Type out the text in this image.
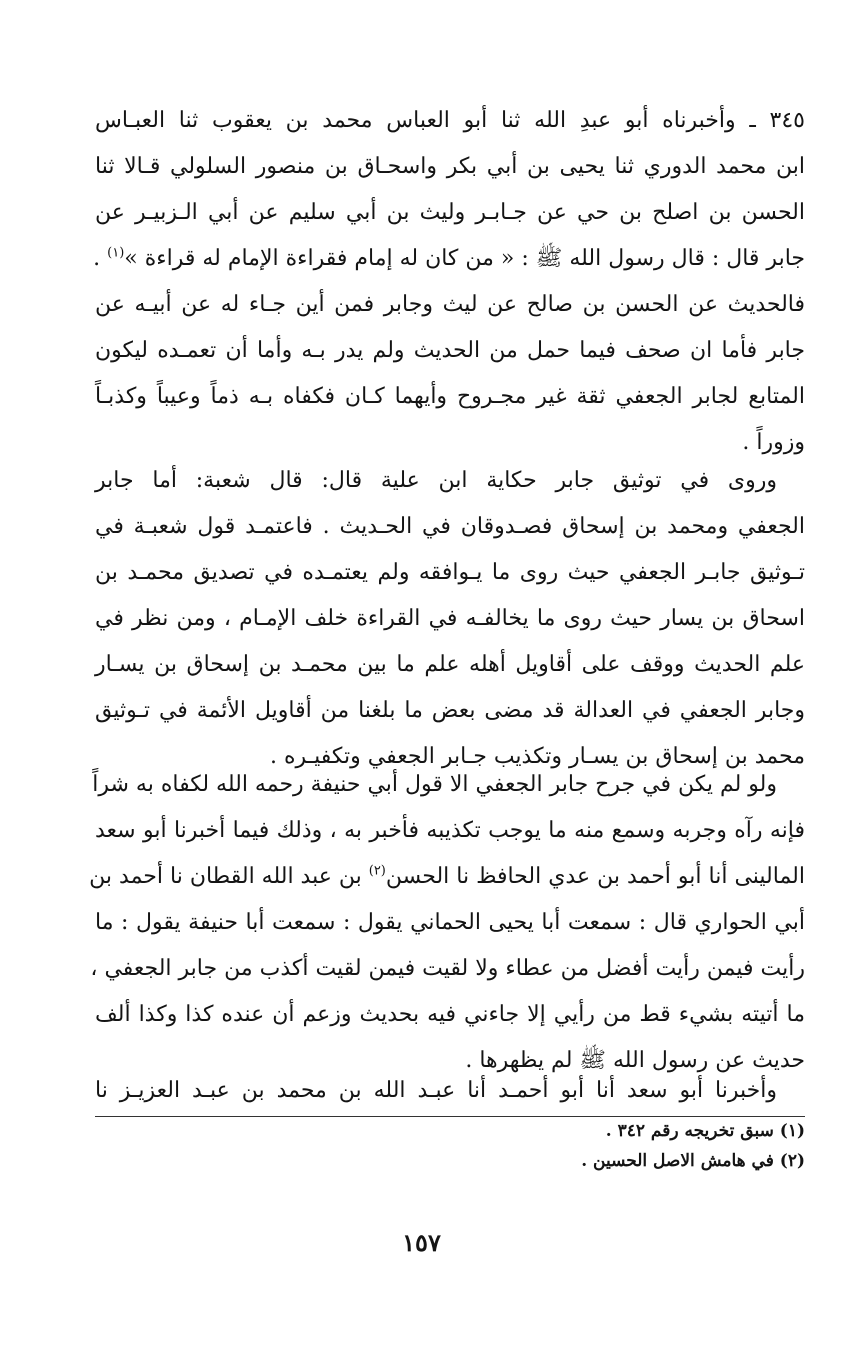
٣٤٥ ـ وأخبرناه أبو عبدِ الله ثنا أبو العباس محمد بن يعقوب ثنا العبـاس
ابن محمد الدوري ثنا يحيى بن أبي بكر واسحـاق بن منصور السلولي قـالا ثنا
الحسن بن اصلح بن حي عن جـابـر وليث بن أبي سليم عن أبي الـزبيـر عن
جابر قال : قال رسول الله ﷺ : « من كان له إمام فقراءة الإمام له قراءة »$^{(١)}$ .
فالحديث عن الحسن بن صالح عن ليث وجابر فمن أين جـاء له عن أبيـه عن
جابر فأما ان صحف فيما حمل من الحديث ولم يدر بـه وأما أن تعمـده ليكون
المتابع لجابر الجعفي ثقة غير مجـروح وأيهما كـان فكفاه بـه ذماً وعيباً وكذبـاً
وزوراً .
وروى في توثيق جابر حكاية ابن علية قال: قال شعبة: أما جابر
الجعفي ومحمد بن إسحاق فصـدوقان في الحـديث . فاعتمـد قول شعبـة في
تـوثيق جابـر الجعفي حيث روى ما يـوافقه ولم يعتمـده في تصديق محمـد بن
اسحاق بن يسار حيث روى ما يخالفـه في القراءة خلف الإمـام ، ومن نظر في
علم الحديث ووقف على أقاويل أهله علم ما بين محمـد بن إسحاق بن يسـار
وجابر الجعفي في العدالة قد مضى بعض ما بلغنا من أقاويل الأئمة في تـوثيق
محمد بن إسحاق بن يسـار وتكذيب جـابر الجعفي وتكفيـره .
ولو لم يكن في جرح جابر الجعفي الا قول أبي حنيفة رحمه الله لكفاه به شراً
فإنه رآه وجربه وسمع منه ما يوجب تكذيبه فأخبر به ، وذلك فيما أخبرنا أبو سعد
المالينى أنا أبو أحمد بن عدي الحافظ نا الحسن$^{(٢)}$ بن عبد الله القطان نا أحمد بن
أبي الحواري قال : سمعت أبا يحيى الحماني يقول : سمعت أبا حنيفة يقول : ما
رأيت فيمن رأيت أفضل من عطاء ولا لقيت فيمن لقيت أكذب من جابر الجعفي ،
ما أتيته بشيء قط من رأيي إلا جاءني فيه بحديث وزعم أن عنده كذا وكذا ألف
حديث عن رسول الله ﷺ لم يظهرها .
وأخبرنا أبو سعد أنا أبو أحمـد أنا عبـد الله بن محمد بن عبـد العزيـز نا
(١) سبق تخريجه رقم ٣٤٢ .
(٢) في هامش الاصل الحسين .
١٥٧
